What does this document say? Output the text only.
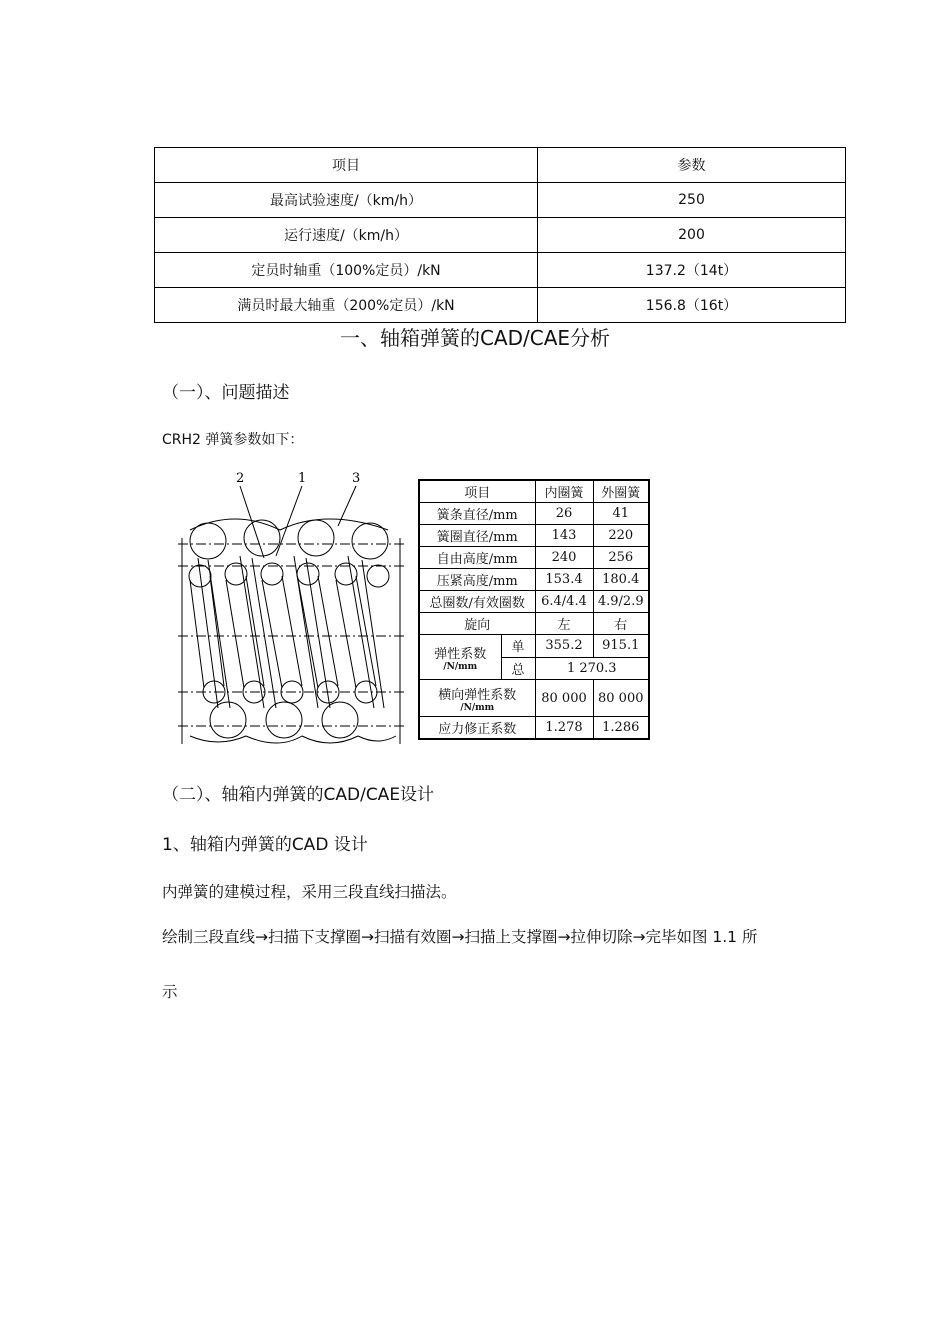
项目	参数
最高试验速度/（km/h）	250
运行速度/（km/h）	200
定员时轴重（100%定员）/kN	137.2（14t）
满员时最大轴重（200%定员）/kN	156.8（16t）
一、轴箱弹簧的CAD/CAE分析
（一）、问题描述
CRH2 弹簧参数如下：
2	1	3
项目		内圈簧	外圈簧
簧条直径/mm		26	41
簧圈直径/mm		143	220
自由高度/mm		240	256
压紧高度/mm		153.4	180.4
总圈数/有效圈数		6.4/4.4	4.9/2.9
旋向		左	右

弹性系数
/N/mm	单	355.2	915.1
	总	1 270.3	

横向弹性系数
/N/mm		80 000	80 000
应力修正系数		1.278	1.286
（二）、轴箱内弹簧的CAD/CAE设计
1、轴箱内弹簧的CAD 设计
内弹簧的建模过程，采用三段直线扫描法。
绘制三段直线→扫描下支撑圈→扫描有效圈→扫描上支撑圈→拉伸切除→完毕如图 1.1 所
示
